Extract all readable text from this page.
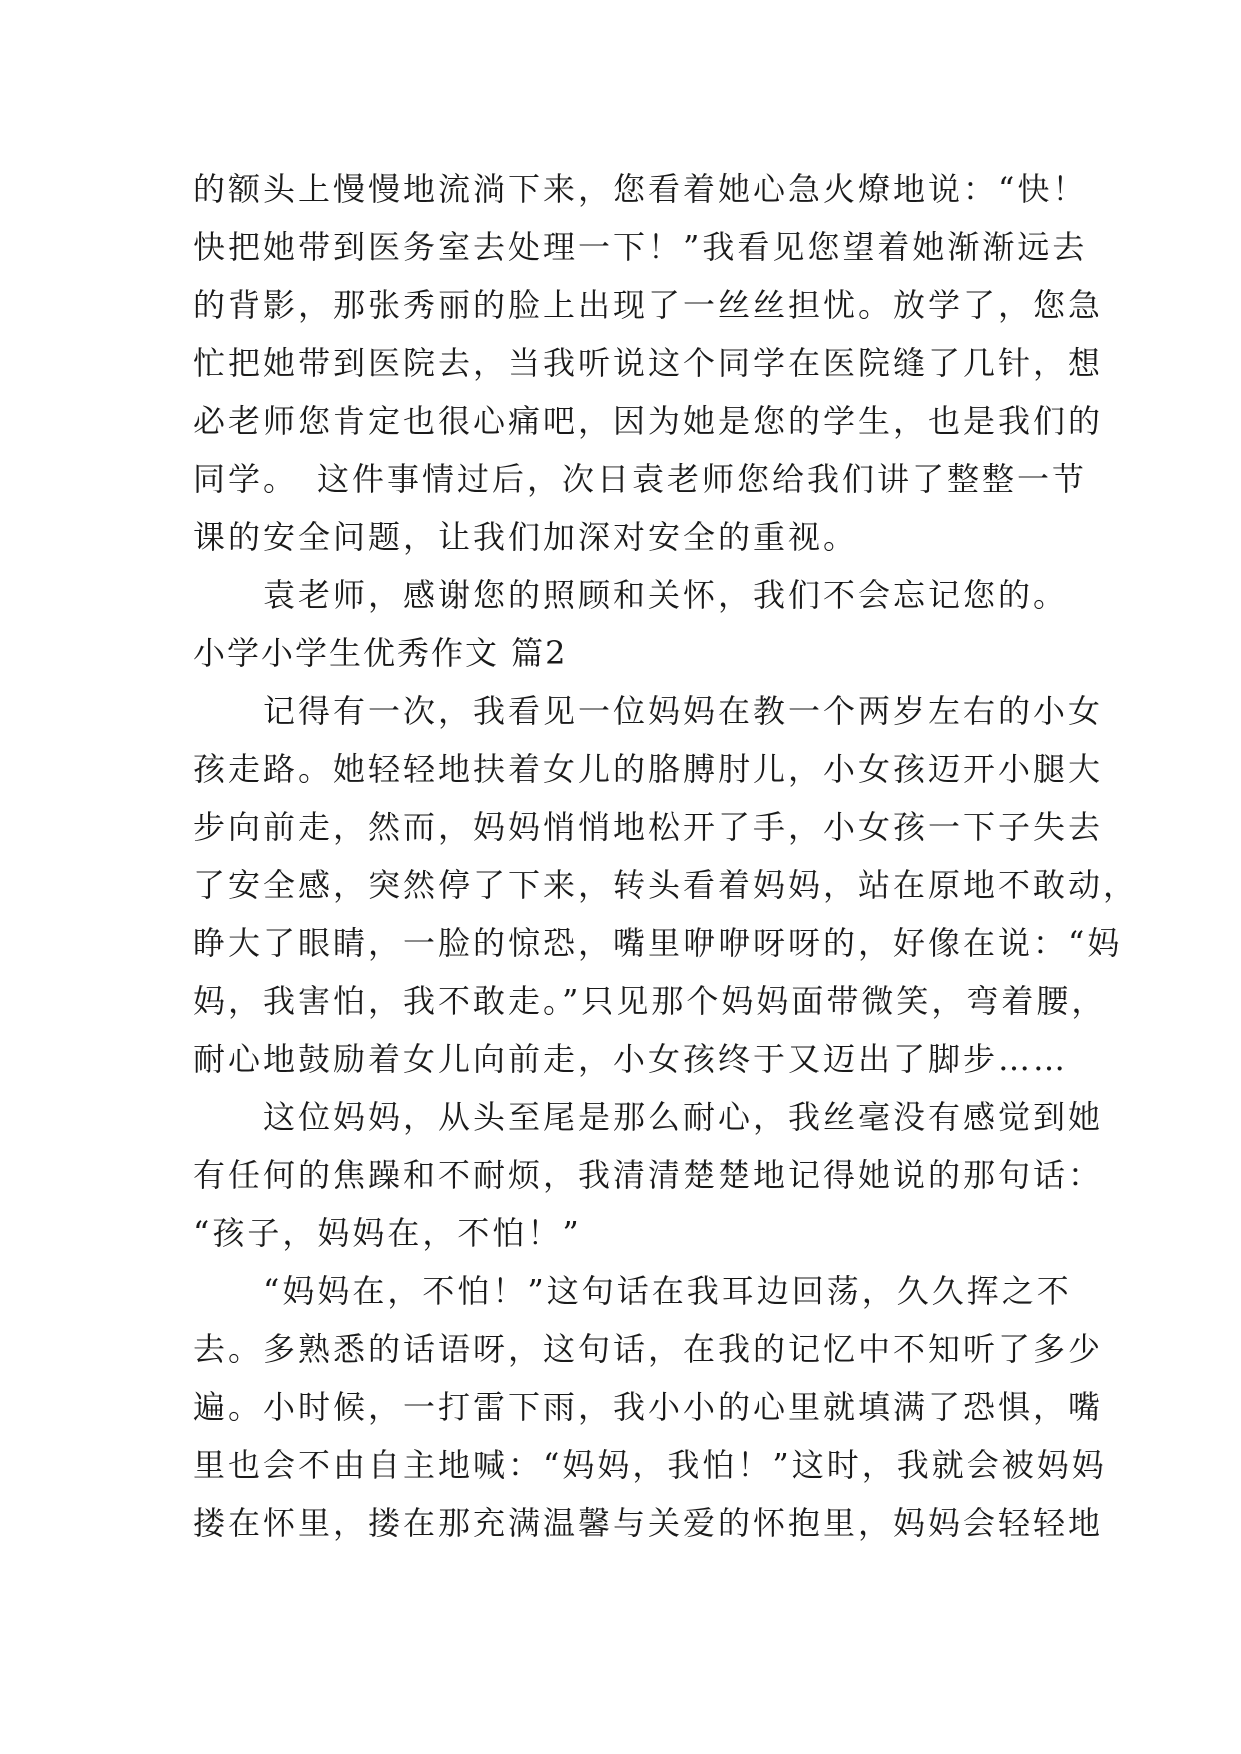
的额头上慢慢地流淌下来，您看着她心急火燎地说：“快！
快把她带到医务室去处理一下！”我看见您望着她渐渐远去
的背影，那张秀丽的脸上出现了一丝丝担忧。放学了，您急
忙把她带到医院去，当我听说这个同学在医院缝了几针，想
必老师您肯定也很心痛吧，因为她是您的学生，也是我们的
同学。　这件事情过后，次日袁老师您给我们讲了整整一节
课的安全问题，让我们加深对安全的重视。
　　袁老师，感谢您的照顾和关怀，我们不会忘记您的。
小学小学生优秀作文 篇2
　　记得有一次，我看见一位妈妈在教一个两岁左右的小女
孩走路。她轻轻地扶着女儿的胳膊肘儿，小女孩迈开小腿大
步向前走，然而，妈妈悄悄地松开了手，小女孩一下子失去
了安全感，突然停了下来，转头看着妈妈，站在原地不敢动，
睁大了眼睛，一脸的惊恐，嘴里咿咿呀呀的，好像在说：“妈
妈，我害怕，我不敢走。”只见那个妈妈面带微笑，弯着腰，
耐心地鼓励着女儿向前走，小女孩终于又迈出了脚步……
　　这位妈妈，从头至尾是那么耐心，我丝毫没有感觉到她
有任何的焦躁和不耐烦，我清清楚楚地记得她说的那句话：
“孩子，妈妈在，不怕！”
　　“妈妈在，不怕！”这句话在我耳边回荡，久久挥之不
去。多熟悉的话语呀，这句话，在我的记忆中不知听了多少
遍。小时候，一打雷下雨，我小小的心里就填满了恐惧，嘴
里也会不由自主地喊：“妈妈，我怕！”这时，我就会被妈妈
搂在怀里，搂在那充满温馨与关爱的怀抱里，妈妈会轻轻地
